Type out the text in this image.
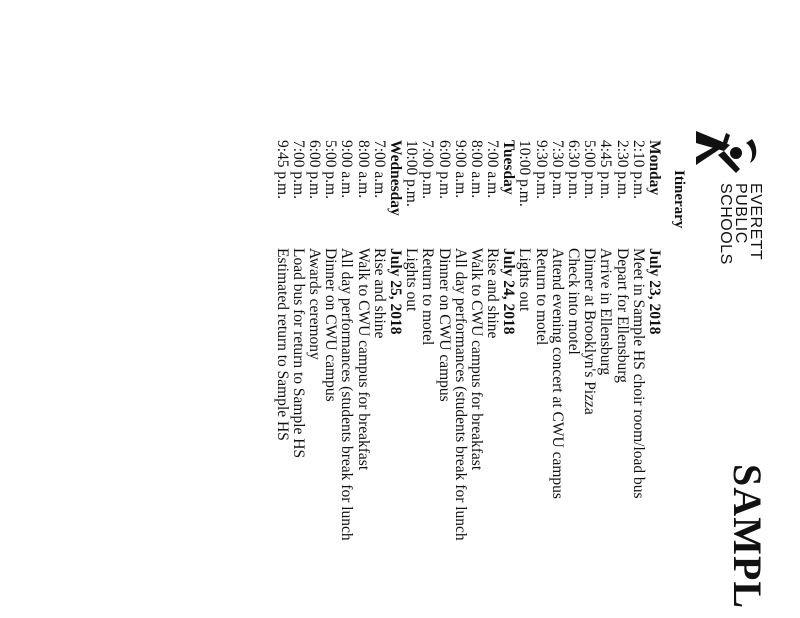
EVERETT
PUBLIC
SCHOOLS
SAMPL
Itinerary
Monday
July 23, 2018
2:10 p.m.
Meet in Sample HS choir room/load bus
2:30 p.m.
Depart for Ellensburg
4:45 p.m.
Arrive in Ellensburg
5:00 p.m.
Dinner at Brooklyn's Pizza
6:30 p.m.
Check into motel
7:30 p.m.
Attend evening concert at CWU campus
9:30 p.m.
Return to motel
10:00 p.m.
Lights out
Tuesday
July 24, 2018
7:00 a.m.
Rise and shine
8:00 a.m.
Walk to CWU campus for breakfast
9:00 a.m.
All day performances (students break for lunch
6:00 p.m.
Dinner on CWU campus
7:00 p.m.
Return to motel
10:00 p.m.
Lights out
Wednesday
July 25, 2018
7:00 a.m.
Rise and shine
8:00 a.m.
Walk to CWU campus for breakfast
9:00 a.m.
All day performances (students break for lunch
5:00 p.m.
Dinner on CWU campus
6:00 p.m.
Awards ceremony
7:00 p.m.
Load bus for return to Sample HS
9:45 p.m.
Estimated return to Sample HS
